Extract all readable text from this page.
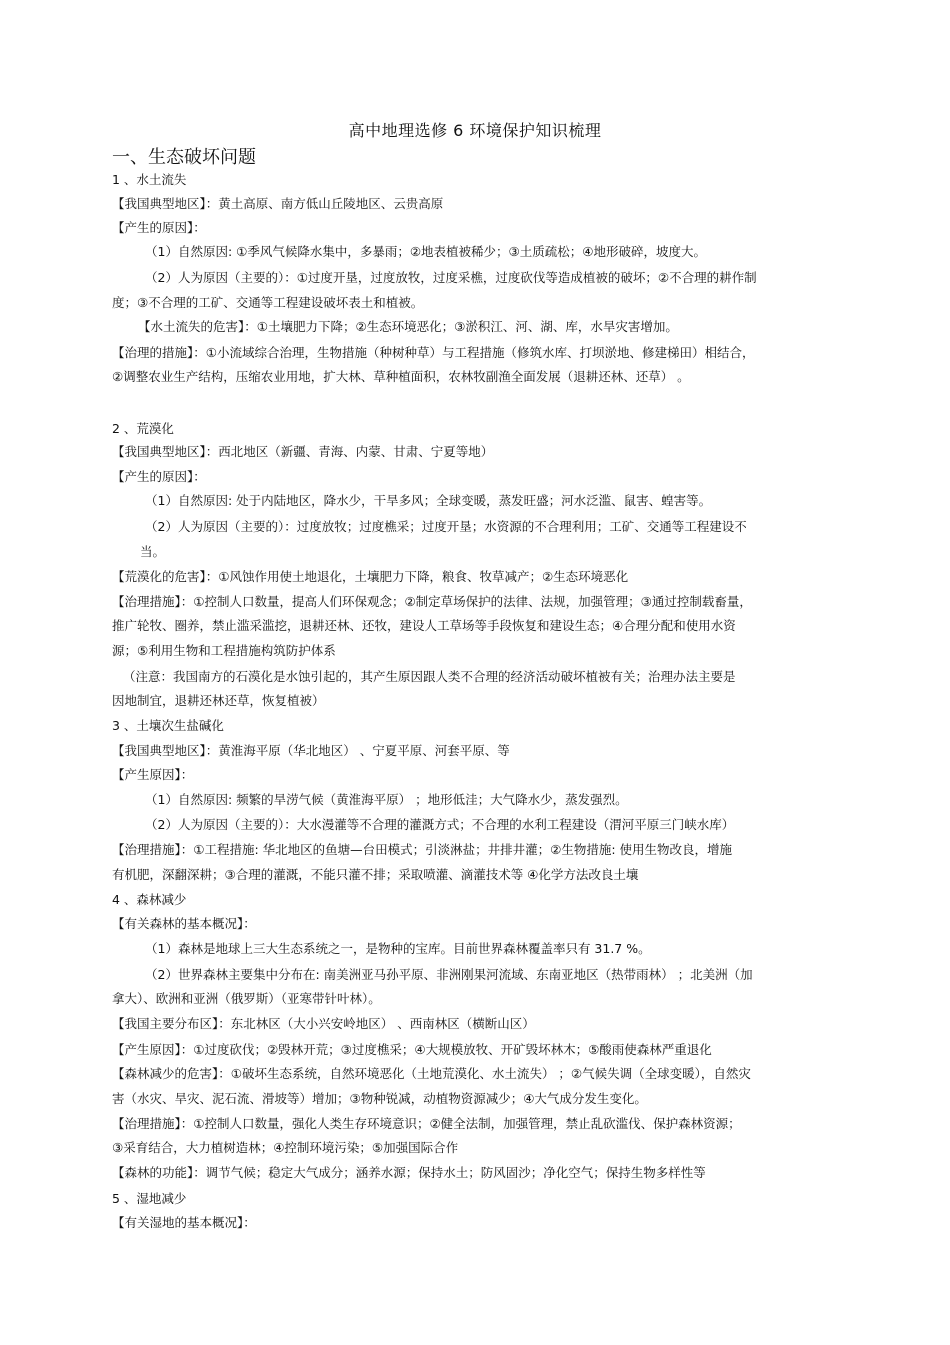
高中地理选修 6 环境保护知识梳理
一、生态破坏问题
1 、水土流失
【我国典型地区】：黄土高原、南方低山丘陵地区、云贵高原
【产生的原因】：
（1）自然原因: ①季风气候降水集中，多暴雨；②地表植被稀少；③土质疏松；④地形破碎，坡度大。
（2）人为原因（主要的）：①过度开垦，过度放牧，过度采樵，过度砍伐等造成植被的破坏；②不合理的耕作制
度；③不合理的工矿、交通等工程建设破坏表土和植被。
【水土流失的危害】：①土壤肥力下降；②生态环境恶化；③淤积江、河、湖、库，水旱灾害增加。
【治理的措施】：①小流域综合治理，生物措施（种树种草）与工程措施（修筑水库、打坝淤地、修建梯田）相结合，
②调整农业生产结构，压缩农业用地，扩大林、草种植面积，农林牧副渔全面发展（退耕还林、还草） 。
2 、荒漠化
【我国典型地区】：西北地区（新疆、青海、内蒙、甘肃、宁夏等地）
【产生的原因】：
（1）自然原因: 处于内陆地区，降水少，干旱多风；全球变暖，蒸发旺盛；河水泛滥、鼠害、蝗害等。
（2）人为原因（主要的）：过度放牧；过度樵采；过度开垦；水资源的不合理利用；工矿、交通等工程建设不
当。
【荒漠化的危害】：①风蚀作用使土地退化，土壤肥力下降，粮食、牧草减产；②生态环境恶化
【治理措施】：①控制人口数量，提高人们环保观念；②制定草场保护的法律、法规，加强管理；③通过控制载畜量，
推广轮牧、圈养，禁止滥采滥挖，退耕还林、还牧，建设人工草场等手段恢复和建设生态；④合理分配和使用水资
源；⑤利用生物和工程措施构筑防护体系
（注意：我国南方的石漠化是水蚀引起的，其产生原因跟人类不合理的经济活动破坏植被有关；治理办法主要是
因地制宜，退耕还林还草，恢复植被）
3 、土壤次生盐碱化
【我国典型地区】：黄淮海平原（华北地区） 、宁夏平原、河套平原、等
【产生原因】：
（1）自然原因: 频繁的旱涝气候（黄淮海平原） ；地形低洼；大气降水少，蒸发强烈。
（2）人为原因（主要的）：大水漫灌等不合理的灌溉方式；不合理的水利工程建设（渭河平原三门峡水库）
【治理措施】：①工程措施: 华北地区的鱼塘—台田模式；引淡淋盐；井排井灌；②生物措施: 使用生物改良，增施
有机肥，深翻深耕；③合理的灌溉，不能只灌不排；采取喷灌、滴灌技术等 ④化学方法改良土壤
4 、森林减少
【有关森林的基本概况】：
（1）森林是地球上三大生态系统之一，是物种的宝库。目前世界森林覆盖率只有 31.7 %。
（2）世界森林主要集中分布在: 南美洲亚马孙平原、非洲刚果河流域、东南亚地区（热带雨林） ；北美洲（加
拿大）、欧洲和亚洲（俄罗斯）（亚寒带针叶林）。
【我国主要分布区】：东北林区（大小兴安岭地区） 、西南林区（横断山区）
【产生原因】：①过度砍伐；②毁林开荒；③过度樵采；④大规模放牧、开矿毁坏林木；⑤酸雨使森林严重退化
【森林减少的危害】：①破坏生态系统，自然环境恶化（土地荒漠化、水土流失） ；②气候失调（全球变暖），自然灾
害（水灾、旱灾、泥石流、滑坡等）增加；③物种锐减，动植物资源减少；④大气成分发生变化。
【治理措施】：①控制人口数量，强化人类生存环境意识；②健全法制，加强管理，禁止乱砍滥伐、保护森林资源；
③采育结合，大力植树造林；④控制环境污染；⑤加强国际合作
【森林的功能】：调节气候；稳定大气成分；涵养水源；保持水土；防风固沙；净化空气；保持生物多样性等
5 、湿地减少
【有关湿地的基本概况】：
